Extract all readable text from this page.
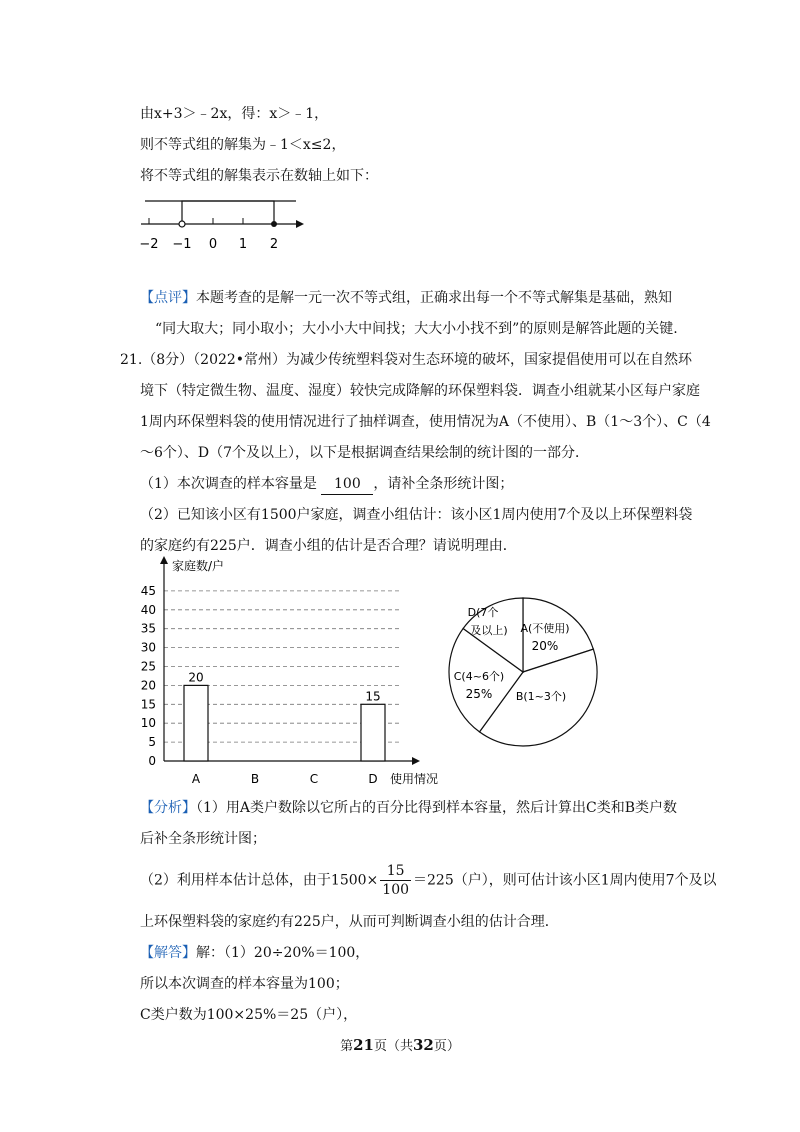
由x+3＞﹣2x，得：x＞﹣1，
则不等式组的解集为﹣1＜x≤2，
将不等式组的解集表示在数轴上如下：
−2 −1 0 1 2
【点评】本题考查的是解一元一次不等式组，正确求出每一个不等式解集是基础，熟知
“同大取大；同小取小；大小小大中间找；大大小小找不到”的原则是解答此题的关键.
21.（8分）（2022•常州）为减少传统塑料袋对生态环境的破坏，国家提倡使用可以在自然环
境下（特定微生物、温度、湿度）较快完成降解的环保塑料袋．调查小组就某小区每户家庭
1周内环保塑料袋的使用情况进行了抽样调查，使用情况为A（不使用）、B（1～3个）、C（4
～6个）、D（7个及以上），以下是根据调查结果绘制的统计图的一部分．
（1）本次调查的样本容量是 100 ，请补全条形统计图；
（2）已知该小区有1500户家庭，调查小组估计：该小区1周内使用7个及以上环保塑料袋
的家庭约有225户．调查小组的估计是否合理？请说明理由．
0
5
10
15
20
25
30
35
40
45
家庭数/户
使用情况
20
A	B	C
15
D
A(不使用)
20%
B(1~3个)
C(4~6个)
25%
D(7个
及以上)
【分析】（1）用A类户数除以它所占的百分比得到样本容量，然后计算出C类和B类户数
后补全条形统计图；
（2）利用样本估计总体，由于$1500\times \frac{15}{100} =225$（户），则可估计该小区1周内使用7个及以
上环保塑料袋的家庭约有225户，从而可判断调查小组的估计合理．
【解答】解：（1）20÷20%＝100，
所以本次调查的样本容量为100；
C类户数为100×25%＝25（户），
第21页（共32页）
